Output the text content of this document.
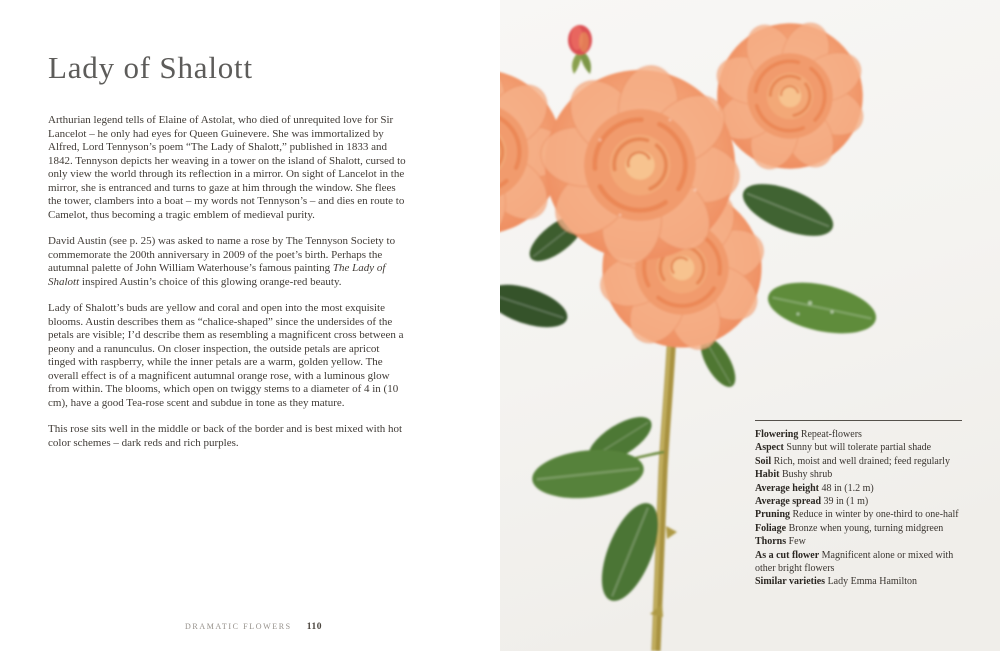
Lady of Shalott

Arthurian legend tells of Elaine of Astolat, who died of unrequited love for Sir Lancelot – he only had eyes for Queen Guinevere. She was immortalized by Alfred, Lord Tennyson’s poem “The Lady of Shalott,” published in 1833 and 1842. Tennyson depicts her weaving in a tower on the island of Shalott, cursed to only view the world through its reflection in a mirror. On sight of Lancelot in the mirror, she is entranced and turns to gaze at him through the window. She flees the tower, clambers into a boat – my words not Tennyson’s – and dies en route to Camelot, thus becoming a tragic emblem of medieval purity.

David Austin (see p. 25) was asked to name a rose by The Tennyson Society to commemorate the 200th anniversary in 2009 of the poet’s birth. Perhaps the autumnal palette of John William Waterhouse’s famous painting The Lady of Shalott inspired Austin’s choice of this glowing orange-red beauty.

Lady of Shalott’s buds are yellow and coral and open into the most exquisite blooms. Austin describes them as “chalice-shaped” since the undersides of the petals are visible; I’d describe them as resembling a magnificent cross between a peony and a ranunculus. On closer inspection, the outside petals are apricot tinged with raspberry, while the inner petals are a warm, golden yellow. The overall effect is of a magnificent autumnal orange rose, with a luminous glow from within. The blooms, which open on twiggy stems to a diameter of 4 in (10 cm), have a good Tea-rose scent and subdue in tone as they mature.

This rose sits well in the middle or back of the border and is best mixed with hot color schemes – dark reds and rich purples.

DRAMATIC FLOWERS 110
Flowering Repeat-flowers
Aspect Sunny but will tolerate partial shade
Soil Rich, moist and well drained; feed regularly
Habit Bushy shrub
Average height 48 in (1.2 m)
Average spread 39 in (1 m)
Pruning Reduce in winter by one-third to one-half
Foliage Bronze when young, turning midgreen
Thorns Few
As a cut flower Magnificent alone or mixed with other bright flowers
Similar varieties Lady Emma Hamilton
